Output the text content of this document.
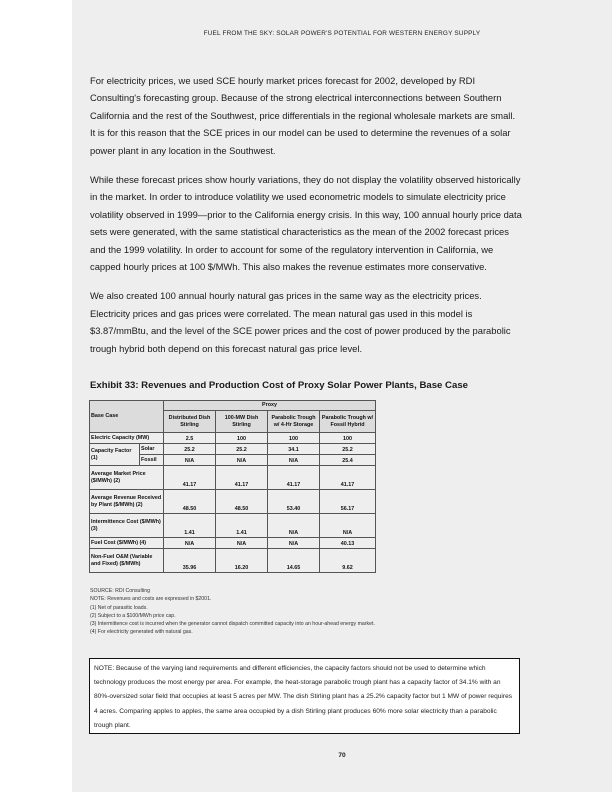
FUEL FROM THE SKY: SOLAR POWER'S POTENTIAL FOR WESTERN ENERGY SUPPLY

For electricity prices, we used SCE hourly market prices forecast for 2002, developed by RDI Consulting's forecasting group. Because of the strong electrical interconnections between Southern California and the rest of the Southwest, price differentials in the regional wholesale markets are small. It is for this reason that the SCE prices in our model can be used to determine the revenues of a solar power plant in any location in the Southwest.

While these forecast prices show hourly variations, they do not display the volatility observed historically in the market. In order to introduce volatility we used econometric models to simulate electricity price volatility observed in 1999—prior to the California energy crisis. In this way, 100 annual hourly price data sets were generated, with the same statistical characteristics as the mean of the 2002 forecast prices and the 1999 volatility. In order to account for some of the regulatory intervention in California, we capped hourly prices at 100 $/MWh. This also makes the revenue estimates more conservative.

We also created 100 annual hourly natural gas prices in the same way as the electricity prices. Electricity prices and gas prices were correlated. The mean natural gas used in this model is $3.87/mmBtu, and the level of the SCE power prices and the cost of power produced by the parabolic trough hybrid both depend on this forecast natural gas price level.

Exhibit 33: Revenues and Production Cost of Proxy Solar Power Plants, Base Case
Base Case		Proxy			
		Distributed Dish Stirling	100-MW Dish Stirling	Parabolic Trough w/ 4-Hr Storage	Parabolic Trough w/ Fossil Hybrid
Electric Capacity (MW)		2.5	100	100	100
Capacity Factor (1)	Solar	25.2	25.2	34.1	25.2
	Fossil	N/A	N/A	N/A	25.4
Average Market Price ($/MWh) (2)		41.17	41.17	41.17	41.17
Average Revenue Received by Plant ($/MWh) (2)		48.50	48.50	53.40	56.17
Intermittence Cost ($/MWh) (3)		1.41	1.41	N/A	N/A
Fuel Cost ($/MWh) (4)		N/A	N/A	N/A	40.13
Non-Fuel O&M (Variable and Fixed) ($/MWh)		35.96	16.20	14.65	9.62
SOURCE: RDI Consulting
NOTE: Revenues and costs are expressed in $2001.
(1) Net of parasitic loads.
(2) Subject to a $100/MWh price cap.
(3) Intermittence cost is incurred when the generator cannot dispatch committed capacity into an hour-ahead energy market.
(4) For electricity generated with natural gas.
NOTE: Because of the varying land requirements and different efficiencies, the capacity factors should not be used to determine which technology produces the most energy per area. For example, the heat-storage parabolic trough plant has a capacity factor of 34.1% with an 80%-oversized solar field that occupies at least 5 acres per MW. The dish Stirling plant has a 25.2% capacity factor but 1 MW of power requires 4 acres. Comparing apples to apples, the same area occupied by a dish Stirling plant produces 60% more solar electricity than a parabolic trough plant.
70
